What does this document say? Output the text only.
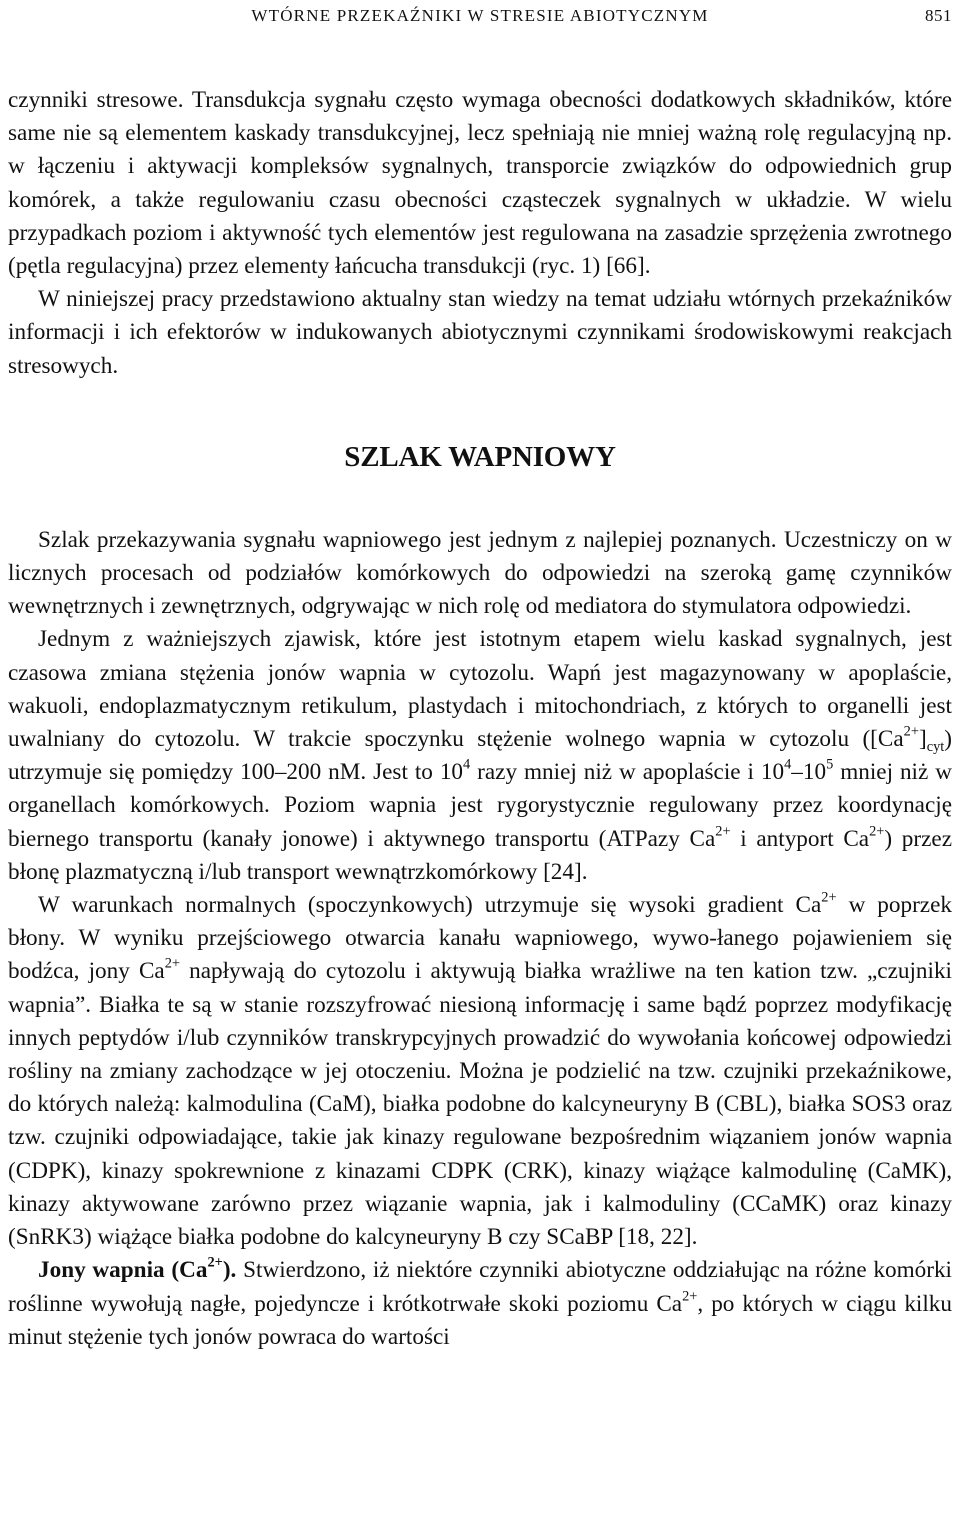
WTÓRNE PRZEKAŹNIKI W STRESIE ABIOTYCZNYM	851

czynniki stresowe. Transdukcja sygnału często wymaga obecności dodatkowych składników, które same nie są elementem kaskady transdukcyjnej, lecz spełniają nie mniej ważną rolę regulacyjną np. w łączeniu i aktywacji kompleksów sygnalnych, transporcie związków do odpowiednich grup komórek, a także regulowaniu czasu obecności cząsteczek sygnalnych w układzie. W wielu przypadkach poziom i aktywność tych elementów jest regulowana na zasadzie sprzężenia zwrotnego (pętla regulacyjna) przez elementy łańcucha transdukcji (ryc. 1) [66].

W niniejszej pracy przedstawiono aktualny stan wiedzy na temat udziału wtórnych przekaźników informacji i ich efektorów w indukowanych abiotycznymi czynnikami środowiskowymi reakcjach stresowych.

SZLAK WAPNIOWY

Szlak przekazywania sygnału wapniowego jest jednym z najlepiej poznanych. Uczestniczy on w licznych procesach od podziałów komórkowych do odpowiedzi na szeroką gamę czynników wewnętrznych i zewnętrznych, odgrywając w nich rolę od mediatora do stymulatora odpowiedzi.

Jednym z ważniejszych zjawisk, które jest istotnym etapem wielu kaskad sygnalnych, jest czasowa zmiana stężenia jonów wapnia w cytozolu. Wapń jest magazynowany w apoplaście, wakuoli, endoplazmatycznym retikulum, plastydach i mitochondriach, z których to organelli jest uwalniany do cytozolu. W trakcie spoczynku stężenie wolnego wapnia w cytozolu $([Ca^{2+}]_{cyt})$ utrzymuje się pomiędzy 100–200 nM. Jest to $10^4$ razy mniej niż w apoplaście i $10^4-10^5$ mniej niż w organellach komórkowych. Poziom wapnia jest rygorystycznie regulowany przez koordynację biernego transportu (kanały jonowe) i aktywnego transportu (ATPazy $Ca^{2+}$ i antyport $Ca^{2+}$) przez błonę plazmatyczną i/lub transport wewnątrzkomórkowy [24].

W warunkach normalnych (spoczynkowych) utrzymuje się wysoki gradient $Ca^{2+}$ w poprzek błony. W wyniku przejściowego otwarcia kanału wapniowego, wywo-łanego pojawieniem się bodźca, jony $Ca^{2+}$ napływają do cytozolu i aktywują białka wrażliwe na ten kation tzw. „czujniki wapnia”. Białka te są w stanie rozszyfrować niesioną informację i same bądź poprzez modyfikację innych peptydów i/lub czynników transkrypcyjnych prowadzić do wywołania końcowej odpowiedzi rośliny na zmiany zachodzące w jej otoczeniu. Można je podzielić na tzw. czujniki przekaźnikowe, do których należą: kalmodulina (CaM), białka podobne do kalcyneuryny B (CBL), białka SOS3 oraz tzw. czujniki odpowiadające, takie jak kinazy regulowane bezpośrednim wiązaniem jonów wapnia (CDPK), kinazy spokrewnione z kinazami CDPK (CRK), kinazy wiążące kalmodulinę (CaMK), kinazy aktywowane zarówno przez wiązanie wapnia, jak i kalmoduliny (CCaMK) oraz kinazy (SnRK3) wiążące białka podobne do kalcyneuryny B czy SCaBP [18, 22].

Jony wapnia $(Ca^{2+})$. Stwierdzono, iż niektóre czynniki abiotyczne oddziałując na różne komórki roślinne wywołują nagłe, pojedyncze i krótkotrwałe skoki poziomu $Ca^{2+}$, po których w ciągu kilku minut stężenie tych jonów powraca do wartości
